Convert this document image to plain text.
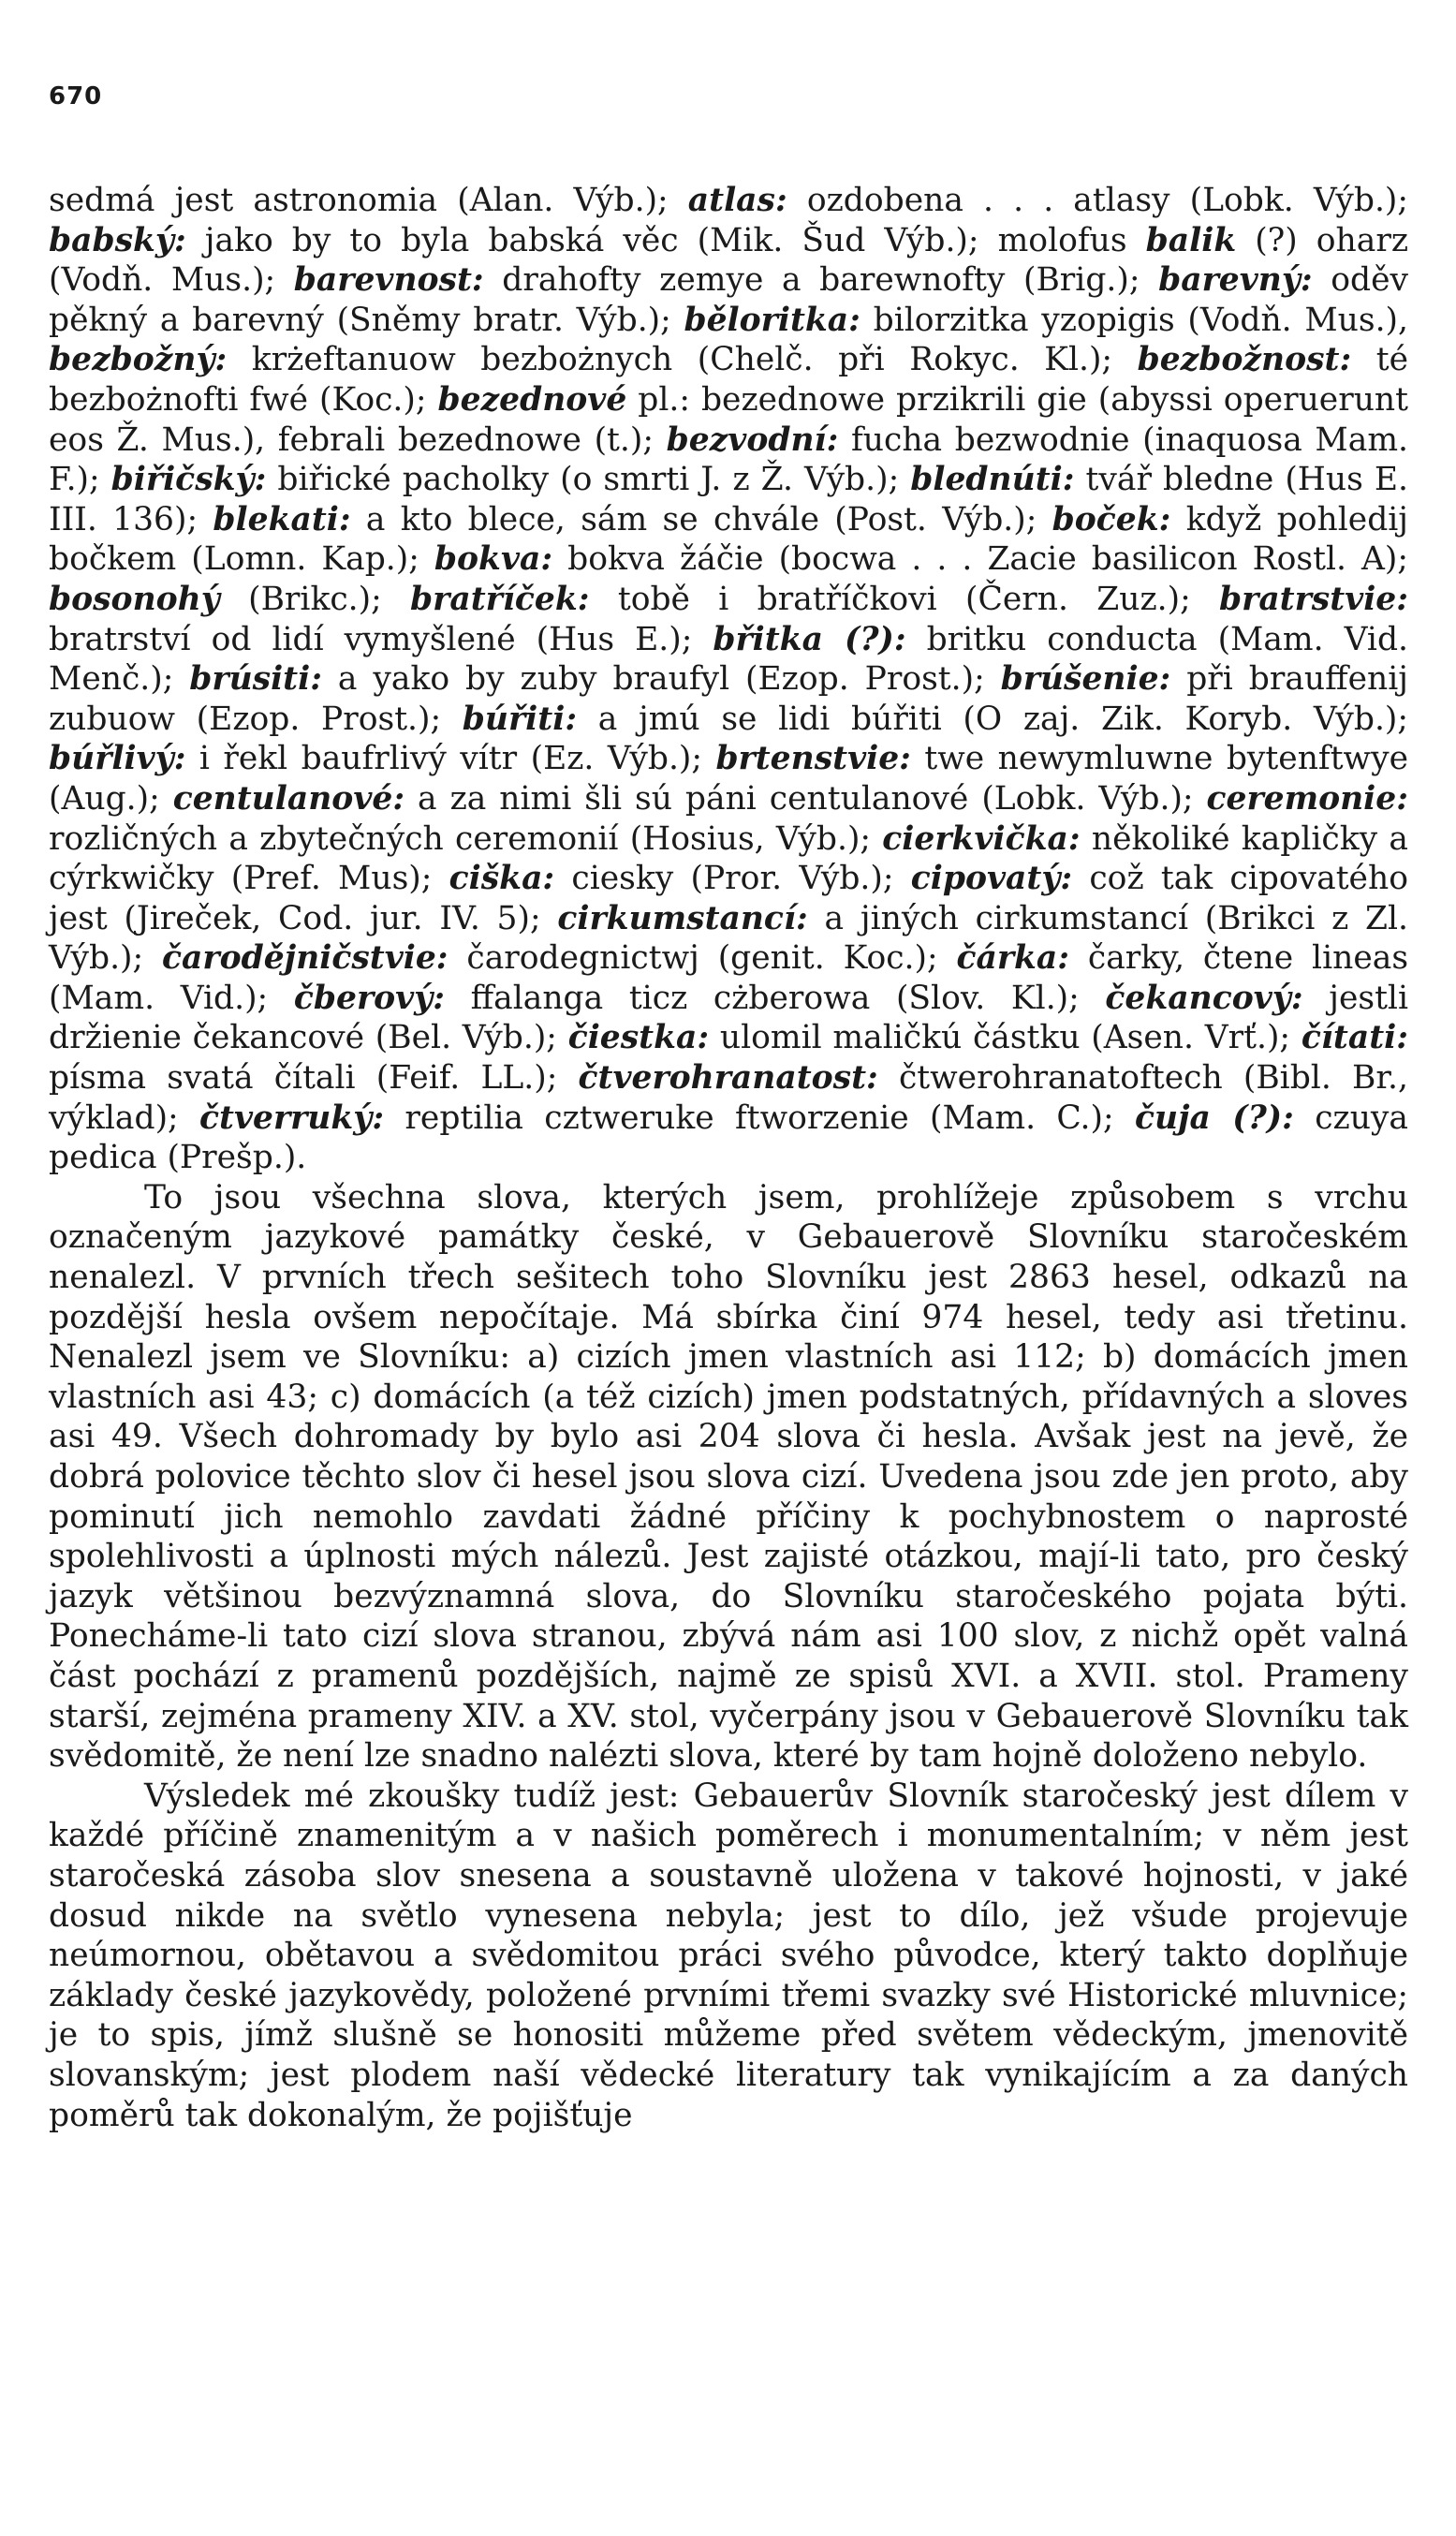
670

sedmá jest astronomia (Alan. Výb.); atlas: ozdobena . . . atlasy (Lobk. Výb.); babský: jako by to byla babská věc (Mik. Šud Výb.); molofus balik (?) oharz (Vodň. Mus.); barevnost: drahofty zemye a barewnofty (Brig.); barevný: oděv pěkný a barevný (Sněmy bratr. Výb.); běloritka: bilorzitka yzopigis (Vodň. Mus.), bezbožný: krżeftanuow bezbożnych (Chelč. při Rokyc. Kl.); bezbožnost: té bezbożnofti fwé (Koc.); bezednové pl.: bezednowe przikrili gie (abyssi operuerunt eos Ž. Mus.), febrali bezednowe (t.); bezvodní: fucha bezwodnie (inaquosa Mam. F.); biřičský: biřické pacholky (o smrti J. z Ž. Výb.); blednúti: tvář bledne (Hus E. III. 136); blekati: a kto blece, sám se chvále (Post. Výb.); boček: když pohledij bočkem (Lomn. Kap.); bokva: bokva žáčie (bocwa . . . Zacie basilicon Rostl. A); bosonohý (Brikc.); bratříček: tobě i bratříčkovi (Čern. Zuz.); bratrstvie: bratrství od lidí vymyšlené (Hus E.); břitka (?): britku conducta (Mam. Vid. Menč.); brúsiti: a yako by zuby braufyl (Ezop. Prost.); brúšenie: při brauffenij zubuow (Ezop. Prost.); búřiti: a jmú se lidi búřiti (O zaj. Zik. Koryb. Výb.); búřlivý: i řekl baufrlivý vítr (Ez. Výb.); brtenstvie: twe newymluwne bytenftwye (Aug.); centulanové: a za nimi šli sú páni centulanové (Lobk. Výb.); ceremonie: rozličných a zbytečných ceremonií (Hosius, Výb.); cierkvička: několiké kapličky a cýrkwičky (Pref. Mus); ciška: ciesky (Pror. Výb.); cipovatý: což tak cipovatého jest (Jireček, Cod. jur. IV. 5); cirkumstancí: a jiných cirkumstancí (Brikci z Zl. Výb.); čarodějničstvie: čarodegnictwj (genit. Koc.); čárka: čarky, čtene lineas (Mam. Vid.); čberový: ffalanga ticz cżberowa (Slov. Kl.); čekancový: jestli držienie čekancové (Bel. Výb.); čiestka: ulomil maličkú částku (Asen. Vrť.); čítati: písma svatá čítali (Feif. LL.); čtverohranatost: čtwerohranatoftech (Bibl. Br., výklad); čtverruký: reptilia cztweruke ftworzenie (Mam. C.); čuja (?): czuya pedica (Prešp.).

To jsou všechna slova, kterých jsem, prohlížeje způsobem s vrchu označeným jazykové památky české, v Gebauerově Slovníku staročeském nenalezl. V prvních třech sešitech toho Slovníku jest 2863 hesel, odkazů na pozdější hesla ovšem nepočítaje. Má sbírka činí 974 hesel, tedy asi třetinu. Nenalezl jsem ve Slovníku: a) cizích jmen vlastních asi 112; b) domácích jmen vlastních asi 43; c) domácích (a též cizích) jmen podstatných, přídavných a sloves asi 49. Všech dohromady by bylo asi 204 slova či hesla. Avšak jest na jevě, že dobrá polovice těchto slov či hesel jsou slova cizí. Uvedena jsou zde jen proto, aby pominutí jich nemohlo zavdati žádné příčiny k pochybnostem o naprosté spolehlivosti a úplnosti mých nálezů. Jest zajisté otázkou, mají-li tato, pro český jazyk většinou bezvýznamná slova, do Slovníku staročeského pojata býti. Ponecháme-li tato cizí slova stranou, zbývá nám asi 100 slov, z nichž opět valná část pochází z pramenů pozdějších, najmě ze spisů XVI. a XVII. stol. Prameny starší, zejména prameny XIV. a XV. stol, vyčerpány jsou v Gebauerově Slovníku tak svědomitě, že není lze snadno nalézti slova, které by tam hojně doloženo nebylo.

Výsledek mé zkoušky tudíž jest: Gebauerův Slovník staročeský jest dílem v každé příčině znamenitým a v našich poměrech i monumentalním; v něm jest staročeská zásoba slov snesena a soustavně uložena v takové hojnosti, v jaké dosud nikde na světlo vynesena nebyla; jest to dílo, jež všude projevuje neúmornou, obětavou a svědomitou práci svého původce, který takto doplňuje základy české jazykovědy, položené prvními třemi svazky své Historické mluvnice; je to spis, jímž slušně se honositi můžeme před světem vědeckým, jmenovitě slovanským; jest plodem naší vědecké literatury tak vynikajícím a za daných poměrů tak dokonalým, že pojišťuje
